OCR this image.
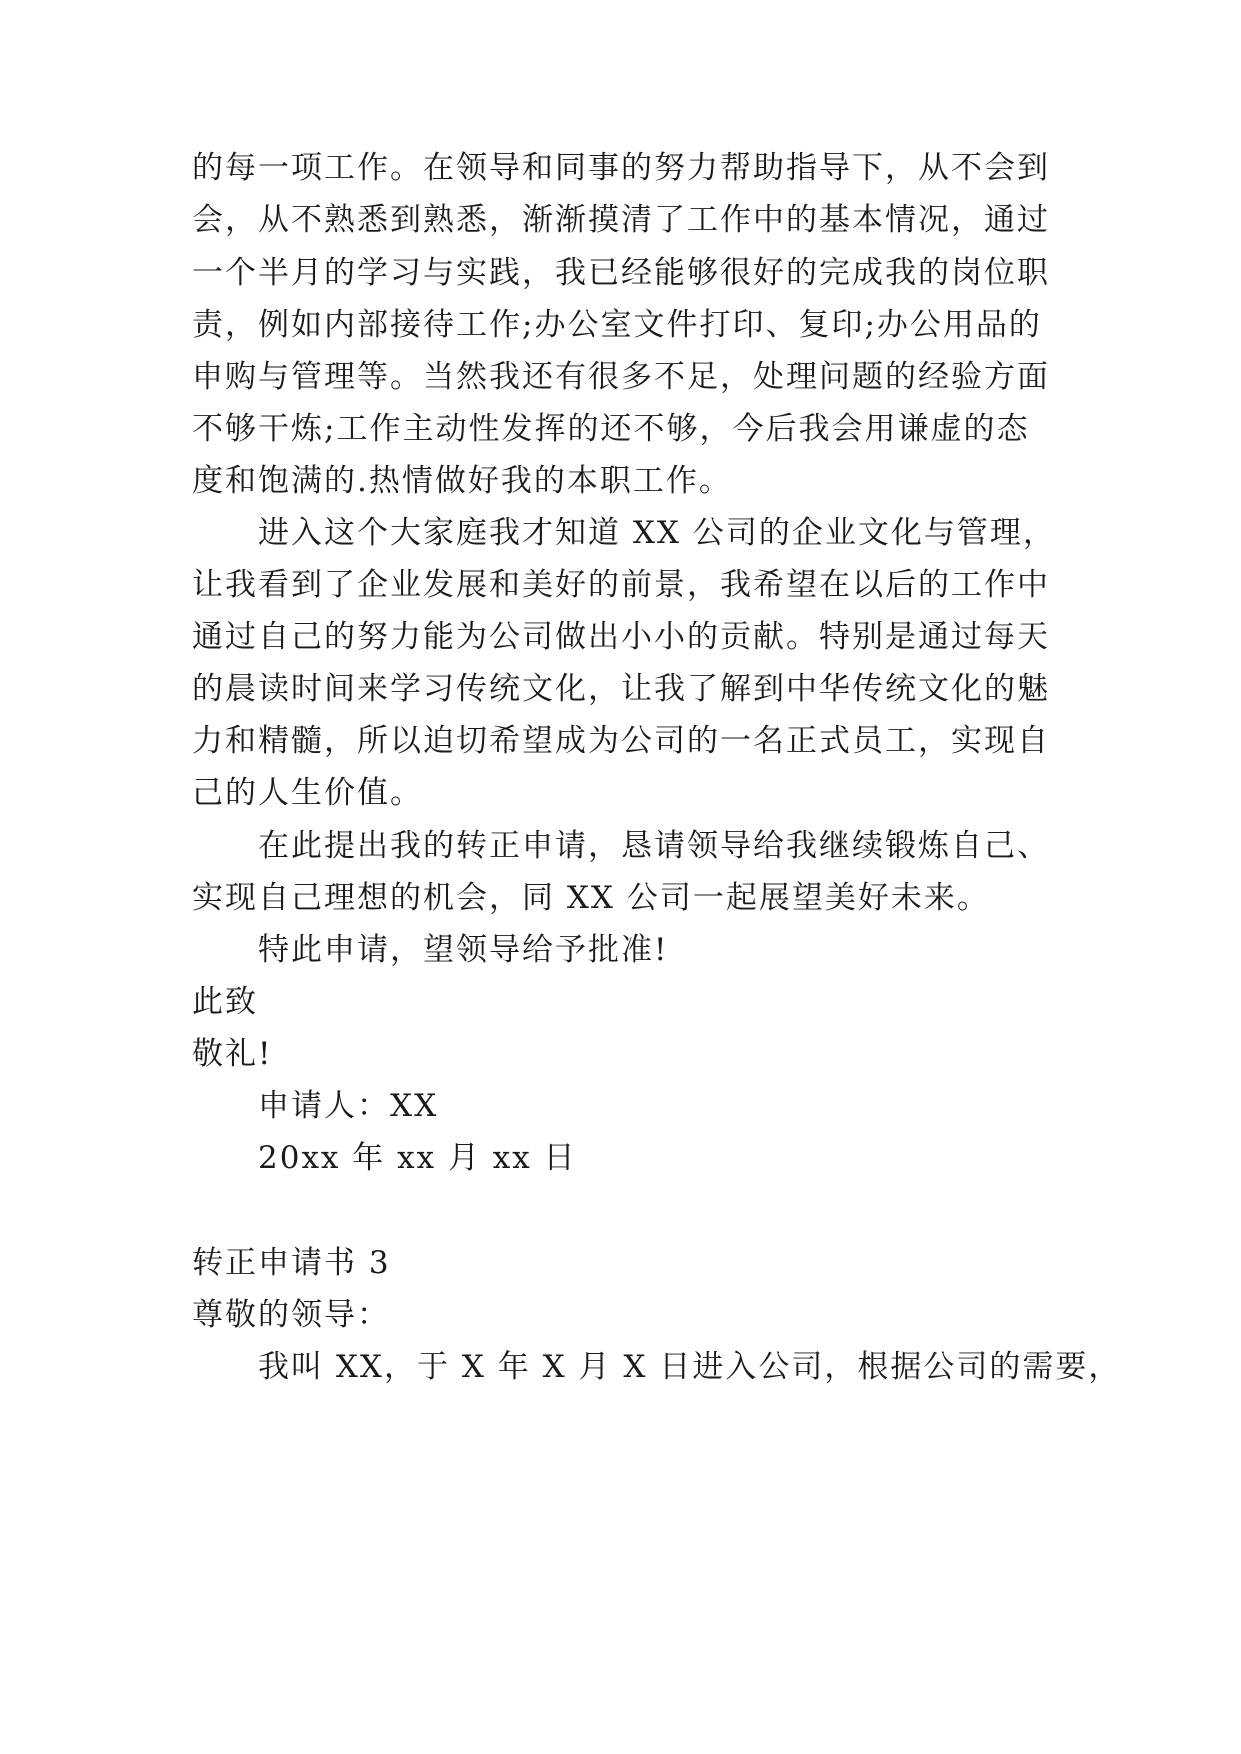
的每一项工作。在领导和同事的努力帮助指导下，从不会到
会，从不熟悉到熟悉，渐渐摸清了工作中的基本情况，通过
一个半月的学习与实践，我已经能够很好的完成我的岗位职
责，例如内部接待工作;办公室文件打印、复印;办公用品的
申购与管理等。当然我还有很多不足，处理问题的经验方面
不够干炼;工作主动性发挥的还不够，今后我会用谦虚的态
度和饱满的.热情做好我的本职工作。
进入这个大家庭我才知道 XX 公司的企业文化与管理，
让我看到了企业发展和美好的前景，我希望在以后的工作中
通过自己的努力能为公司做出小小的贡献。特别是通过每天
的晨读时间来学习传统文化，让我了解到中华传统文化的魅
力和精髓，所以迫切希望成为公司的一名正式员工，实现自
己的人生价值。
在此提出我的转正申请，恳请领导给我继续锻炼自己、
实现自己理想的机会，同 XX 公司一起展望美好未来。
特此申请，望领导给予批准!
此致
敬礼!
申请人：XX
20xx 年 xx 月 xx 日
转正申请书 3
尊敬的领导：
我叫 XX，于 X 年 X 月 X 日进入公司，根据公司的需要，
